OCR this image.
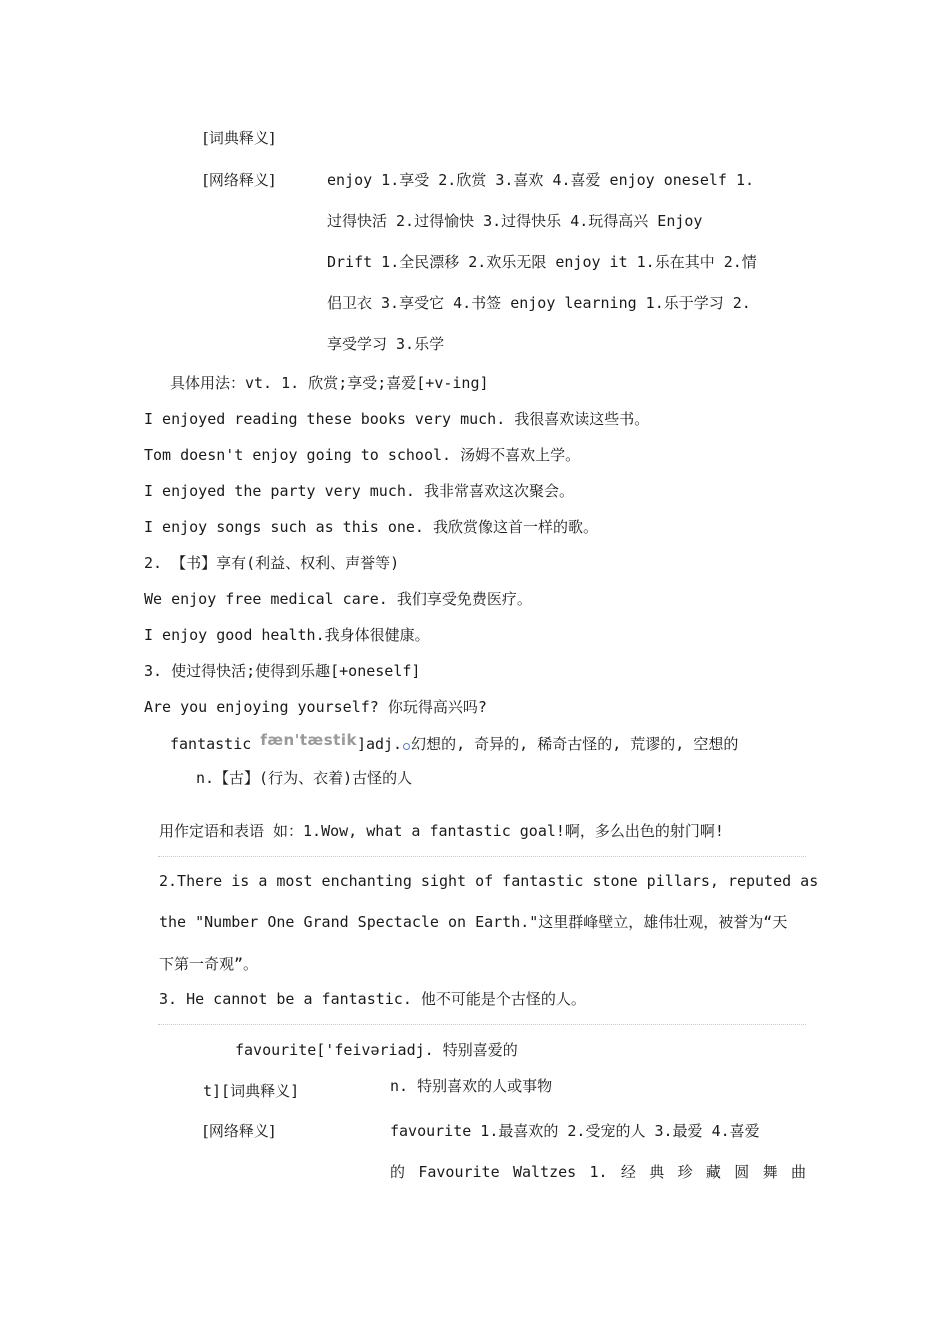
[词典释义]
[网络释义]	enjoy 1.享受 2.欣赏 3.喜欢 4.喜爱 enjoy oneself 1.
过得快活 2.过得愉快 3.过得快乐 4.玩得高兴 Enjoy
Drift 1.全民漂移 2.欢乐无限 enjoy it 1.乐在其中 2.情
侣卫衣 3.享受它 4.书签 enjoy learning 1.乐于学习 2.
享受学习 3.乐学
具体用法：vt. 1. 欣赏;享受;喜爱[+v-ing]
I enjoyed reading these books very much. 我很喜欢读这些书。
Tom doesn't enjoy going to school. 汤姆不喜欢上学。
I enjoyed the party very much. 我非常喜欢这次聚会。
I enjoy songs such as this one. 我欣赏像这首一样的歌。
2. 【书】享有(利益、权利、声誉等)
We enjoy free medical care. 我们享受免费医疗。
I enjoy good health.我身体很健康。
3. 使过得快活;使得到乐趣[+oneself]
Are you enjoying yourself? 你玩得高兴吗?
fantastic fæn'tæstik]adj. 幻想的, 奇异的, 稀奇古怪的, 荒谬的, 空想的
n.【古】(行为、衣着)古怪的人
用作定语和表语 如：1.Wow, what a fantastic goal!啊，多么出色的射门啊!
2.There is a most enchanting sight of fantastic stone pillars, reputed as
the "Number One Grand Spectacle on Earth."这里群峰壁立，雄伟壮观，被誉为“天
下第一奇观”。
3. He cannot be a fantastic. 他不可能是个古怪的人。
favourite['feivəriadj. 特别喜爱的
t][词典释义]	n. 特别喜欢的人或事物
[网络释义]	favourite 1.最喜欢的 2.受宠的人 3.最爱 4.喜爱
的 Favourite Waltzes 1. 经 典 珍 藏 圆 舞 曲
